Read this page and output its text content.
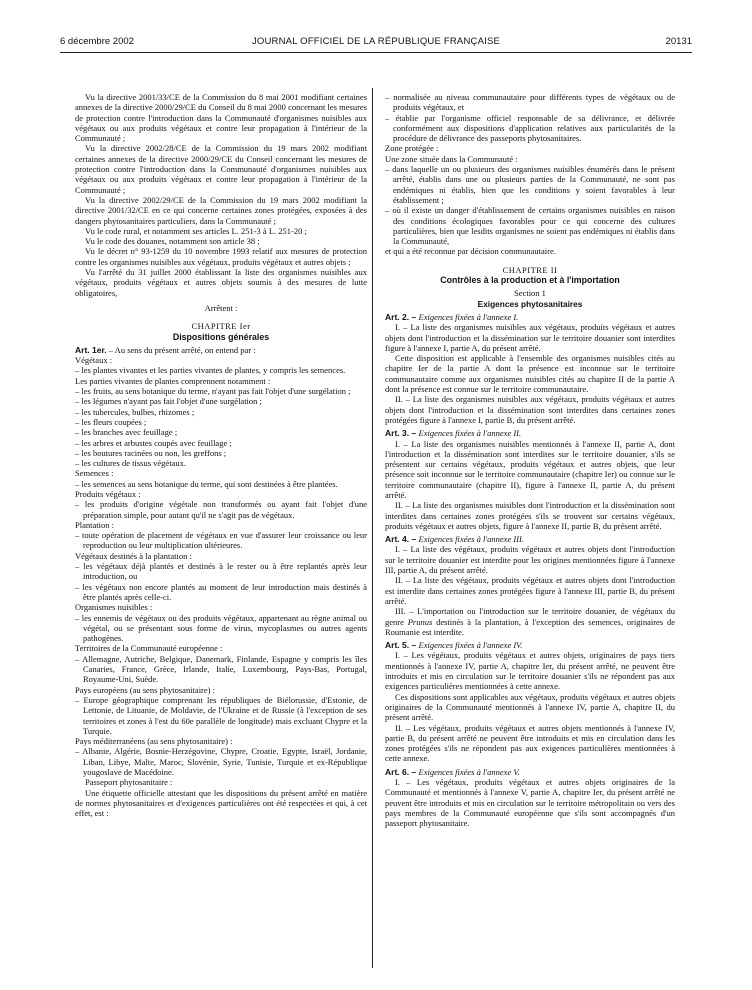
6 décembre 2002	JOURNAL OFFICIEL DE LA RÉPUBLIQUE FRANÇAISE	20131

Vu la directive 2001/33/CE de la Commission du 8 mai 2001 modifiant certaines annexes de la directive 2000/29/CE du Conseil du 8 mai 2000 concernant les mesures de protection contre l'introduction dans la Communauté d'organismes nuisibles aux végétaux ou aux produits végétaux et contre leur propagation à l'intérieur de la Communauté ;

Vu la directive 2002/28/CE de la Commission du 19 mars 2002 modifiant certaines annexes de la directive 2000/29/CE du Conseil concernant les mesures de protection contre l'introduction dans la Communauté d'organismes nuisibles aux végétaux ou aux produits végétaux et contre leur propagation à l'intérieur de la Communauté ;

Vu la directive 2002/29/CE de la Commission du 19 mars 2002 modifiant la directive 2001/32/CE en ce qui concerne certaines zones protégées, exposées à des dangers phytosanitaires particuliers, dans la Communauté ;

Vu le code rural, et notamment ses articles L. 251-3 à L. 251-20 ;

Vu le code des douanes, notamment son article 38 ;

Vu le décret n° 93-1259 du 10 novembre 1993 relatif aux mesures de protection contre les organismes nuisibles aux végétaux, produits végétaux et autres objets ;

Vu l'arrêté du 31 juillet 2000 établissant la liste des organismes nuisibles aux végétaux, produits végétaux et autres objets soumis à des mesures de lutte obligatoires,

Arrêtent :

CHAPITRE Ier

Dispositions générales

Art. 1er. – Au sens du présent arrêté, on entend par :

Végétaux :

– les plantes vivantes et les parties vivantes de plantes, y compris les semences.

Les parties vivantes de plantes comprennent notamment :

– les fruits, au sens botanique du terme, n'ayant pas fait l'objet d'une surgélation ;

– les légumes n'ayant pas fait l'objet d'une surgélation ;

– les tubercules, bulbes, rhizomes ;

– les fleurs coupées ;

– les branches avec feuillage ;

– les arbres et arbustes coupés avec feuillage ;

– les boutures racinées ou non, les greffons ;

– les cultures de tissus végétaux.

Semences :

– les semences au sens botanique du terme, qui sont destinées à être plantées.

Produits végétaux :

– les produits d'origine végétale non transformés ou ayant fait l'objet d'une préparation simple, pour autant qu'il ne s'agit pas de végétaux.

Plantation :

– toute opération de placement de végétaux en vue d'assurer leur croissance ou leur reproduction ou leur multiplication ultérieures.

Végétaux destinés à la plantation :

– les végétaux déjà plantés et destinés à le rester ou à être replantés après leur introduction, ou

– les végétaux non encore plantés au moment de leur introduction mais destinés à être plantés après celle-ci.

Organismes nuisibles :

– les ennemis de végétaux ou des produits végétaux, appartenant au règne animal ou végétal, ou se présentant sous forme de virus, mycoplasmes ou autres agents pathogènes.

Territoires de la Communauté européenne :

– Allemagne, Autriche, Belgique, Danemark, Finlande, Espagne y compris les îles Canaries, France, Grèce, Irlande, Italie, Luxembourg, Pays-Bas, Portugal, Royaume-Uni, Suède.

Pays européens (au sens phytosanitaire) :

– Europe géographique comprenant les républiques de Biélorussie, d'Estonie, de Lettonie, de Lituanie, de Moldavie, de l'Ukraine et de Russie (à l'exception de ses territoires et zones à l'est du 60e parallèle de longitude) mais excluant Chypre et la Turquie.

Pays méditerranéens (au sens phytosanitaire) :

– Albanie, Algérie, Bosnie-Herzégovine, Chypre, Croatie, Egypte, Israël, Jordanie, Liban, Libye, Malte, Maroc, Slovénie, Syrie, Tunisie, Turquie et ex-République yougoslave de Macédoine.

Passeport phytosanitaire :

Une étiquette officielle attestant que les dispositions du présent arrêté en matière de normes phytosanitaires et d'exigences particulières ont été respectées et qui, à cet effet, est :

– normalisée au niveau communautaire pour différents types de végétaux ou de produits végétaux, et

– établie par l'organisme officiel responsable de sa délivrance, et délivrée conformément aux dispositions d'application relatives aux particularités de la procédure de délivrance des passeports phytosanitaires.

Zone protégée :

Une zone située dans la Communauté :

– dans laquelle un ou plusieurs des organismes nuisibles énumérés dans le présent arrêté, établis dans une ou plusieurs parties de la Communauté, ne sont pas endémiques ni établis, bien que les conditions y soient favorables à leur établissement ;

– où il existe un danger d'établissement de certains organismes nuisibles en raison des conditions écologiques favorables pour ce qui concerne des cultures particulières, bien que lesdits organismes ne soient pas endémiques ni établis dans la Communauté,

et qui a été reconnue par décision communautaire.

CHAPITRE II

Contrôles à la production et à l'importation

Section 1

Exigences phytosanitaires

Art. 2. – Exigences fixées à l'annexe I.

I. – La liste des organismes nuisibles aux végétaux, produits végétaux et autres objets dont l'introduction et la dissémination sur le territoire douanier sont interdites figure à l'annexe I, partie A, du présent arrêté.

Cette disposition est applicable à l'ensemble des organismes nuisibles cités au chapitre Ier de la partie A dont la présence est inconnue sur le territoire communautaire comme aux organismes nuisibles cités au chapitre II de la partie A dont la présence est connue sur le territoire communautaire.

II. – La liste des organismes nuisibles aux végétaux, produits végétaux et autres objets dont l'introduction et la dissémination sont interdites dans certaines zones protégées figure à l'annexe I, partie B, du présent arrêté.

Art. 3. – Exigences fixées à l'annexe II.

I. – La liste des organismes nuisibles mentionnés à l'annexe II, partie A, dont l'introduction et la dissémination sont interdites sur le territoire douanier, s'ils se présentent sur certains végétaux, produits végétaux et autres objets, que leur présence soit inconnue sur le territoire communautaire (chapitre Ier) ou connue sur le territoire communautaire (chapitre II), figure à l'annexe II, partie A, du présent arrêté.

II. – La liste des organismes nuisibles dont l'introduction et la dissémination sont interdites dans certaines zones protégées s'ils se trouvent sur certains végétaux, produits végétaux et autres objets, figure à l'annexe II, partie B, du présent arrêté.

Art. 4. – Exigences fixées à l'annexe III.

I. – La liste des végétaux, produits végétaux et autres objets dont l'introduction sur le territoire douanier est interdite pour les origines mentionnées figure à l'annexe III, partie A, du présent arrêté.

II. – La liste des végétaux, produits végétaux et autres objets dont l'introduction est interdite dans certaines zones protégées figure à l'annexe III, partie B, du présent arrêté.

III. – L'importation ou l'introduction sur le territoire douanier, de végétaux du genre Prunus destinés à la plantation, à l'exception des semences, originaires de Roumanie est interdite.

Art. 5. – Exigences fixées à l'annexe IV.

I. – Les végétaux, produits végétaux et autres objets, originaires de pays tiers mentionnés à l'annexe IV, partie A, chapitre Ier, du présent arrêté, ne peuvent être introduits et mis en circulation sur le territoire douanier s'ils ne répondent pas aux exigences particulières mentionnées à cette annexe.

Ces dispositions sont applicables aux végétaux, produits végétaux et autres objets originaires de la Communauté mentionnés à l'annexe IV, partie A, chapitre II, du présent arrêté.

II. – Les végétaux, produits végétaux et autres objets mentionnés à l'annexe IV, partie B, du présent arrêté ne peuvent être introduits et mis en circulation dans les zones protégées s'ils ne répondent pas aux exigences particulières mentionnées à cette annexe.

Art. 6. – Exigences fixées à l'annexe V.

I. – Les végétaux, produits végétaux et autres objets originaires de la Communauté et mentionnés à l'annexe V, partie A, chapitre Ier, du présent arrêté ne peuvent être introduits et mis en circulation sur le territoire métropolitain ou vers des pays membres de la Communauté européenne que s'ils sont accompagnés d'un passeport phytosanitaire.
